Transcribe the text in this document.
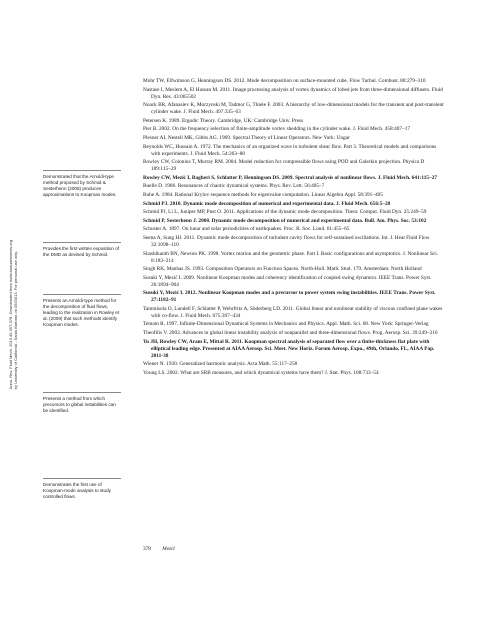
Annu. Rev. Fluid Mech. 2013.45:357-378. Downloaded from www.annualreviews.org by University of California - Santa Barbara on 09/20/13. For personal use only.
Demonstrated that the Arnoldi-type method proposed by Schmid & Sesterhenn (2008) produces approximations to Koopman modes.
Provides the first written exposition of the DMD as devised by Schmid.
Presents an Arnoldi-type method for the decomposition of fluid flows, leading to the realization in Rowley et al. (2009) that such methods identify Koopman modes.
Presents a method from which precursors to global instabilities can be identified.
Demonstrates the first use of Koopman-mode analysis to study controlled flows.
Mohr TW, Elfwimson G, Henningson DS. 2012. Mode decomposition on surface-mounted cube. Flow Turbul. Combust. 88:279–310
Nastase I, Meslem A, El Hassan M. 2011. Image processing analysis of vortex dynamics of lobed jets from three-dimensional diffusers. Fluid Dyn. Res. 43:065502
Noack BR, Afanasiev K, Morzynski M, Tadmor G, Thiele F. 2003. A hierarchy of low-dimensional models for the transient and post-transient cylinder wake. J. Fluid Mech. 497:335–63
Petersen K. 1989. Ergodic Theory. Cambridge, UK: Cambridge Univ. Press
Pier B. 2002. On the frequency selection of finite-amplitude vortex shedding in the cylinder wake. J. Fluid Mech. 458:407–17
Plesner AI, Nestell MK, Gibbs AG. 1969. Spectral Theory of Linear Operators. New York: Ungar
Reynolds WC, Hussain A. 1972. The mechanics of an organized wave in turbulent shear flow. Part 3. Theoretical models and comparisons with experiments. J. Fluid Mech. 54:263–88
Rowley CW, Colonius T, Murray RM. 2004. Model reduction for compressible flows using POD and Galerkin projection. Physica D 189:115–29
Rowley CW, Mezić I, Bagheri S, Schlatter P, Henningson DS. 2009. Spectral analysis of nonlinear flows. J. Fluid Mech. 641:115–27
Ruelle D. 1986. Resonances of chaotic dynamical systems. Phys. Rev. Lett. 56:405–7
Ruhe A. 1984. Rational Krylov sequence methods for eigenvalue computation. Linear Algebra Appl. 58:391–405
Schmid PJ. 2010. Dynamic mode decomposition of numerical and experimental data. J. Fluid Mech. 656:5–28
Schmid PJ, Li L, Juniper MP, Pust O. 2011. Applications of the dynamic mode decomposition. Theor. Comput. Fluid Dyn. 25:249–59
Schmid P, Sesterhenn J. 2008. Dynamic mode decomposition of numerical and experimental data. Bull. Am. Phys. Soc. 53:102
Schuster A. 1897. On lunar and solar periodicities of earthquakes. Proc. R. Soc. Lond. 61:455–65
Seena A, Sung HJ. 2011. Dynamic mode decomposition of turbulent cavity flows for self-sustained oscillations. Int. J. Heat Fluid Flow 32:1098–110
Shashikanth BN, Newton PK. 1998. Vortex motion and the geometric phase. Part I. Basic configurations and asymptotics. J. Nonlinear Sci. 8:183–214
Singh RK, Manhas JS. 1993. Composition Operators on Function Spaces. North-Holl. Math. Stud. 179. Amsterdam: North Holland
Susuki Y, Mezić I. 2009. Nonlinear Koopman modes and coherency identification of coupled swing dynamics. IEEE Trans. Power Syst. 26:1894–904
Susuki Y, Mezić I. 2012. Nonlinear Koopman modes and a precursor to power system swing instabilities. IEEE Trans. Power Syst. 27:1182–91
Tammisola O, Lundell F, Schlatter P, Wehrfritz A, Söderberg LD. 2011. Global linear and nonlinear stability of viscous confined plane wakes with co-flow. J. Fluid Mech. 675:397–434
Temam R. 1997. Infinite-Dimensional Dynamical Systems in Mechanics and Physics. Appl. Math. Sci. 68. New York: Springer-Verlag
Theofilis V. 2003. Advances in global linear instability analysis of nonparallel and three-dimensional flows. Prog. Aerosp. Sci. 39:249–316
Tu JH, Rowley CW, Aram E, Mittal R. 2011. Koopman spectral analysis of separated flow over a finite-thickness flat plate with elliptical leading edge. Presented at AIAA Aerosp. Sci. Meet. New Horiz. Forum Aerosp. Expo., 49th, Orlando, FL, AIAA Pap. 2011-38
Wiener N. 1930. Generalized harmonic analysis. Acta Math. 55:117–258
Young LS. 2002. What are SRB measures, and which dynamical systems have them? J. Stat. Phys. 108:733–54
378 Mezić
